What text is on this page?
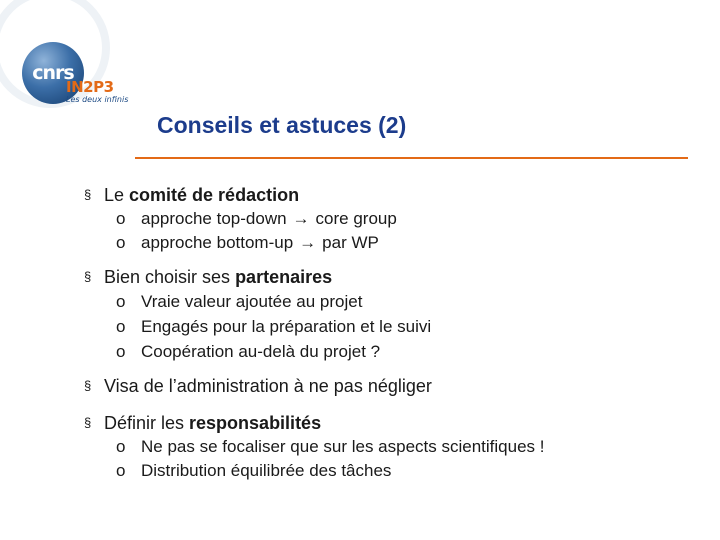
cnrs
IN2P3
Les deux infinis
Conseils et astuces (2)
§ Le comité de rédaction
o approche top-down → core group
o approche bottom-up → par WP
§ Bien choisir ses partenaires
o Vraie valeur ajoutée au projet
o Engagés pour la préparation et le suivi
o Coopération au-delà du projet ?
§ Visa de l’administration à ne pas négliger
§ Définir les responsabilités
o Ne pas se focaliser que sur les aspects scientifiques !
o Distribution équilibrée des tâches
